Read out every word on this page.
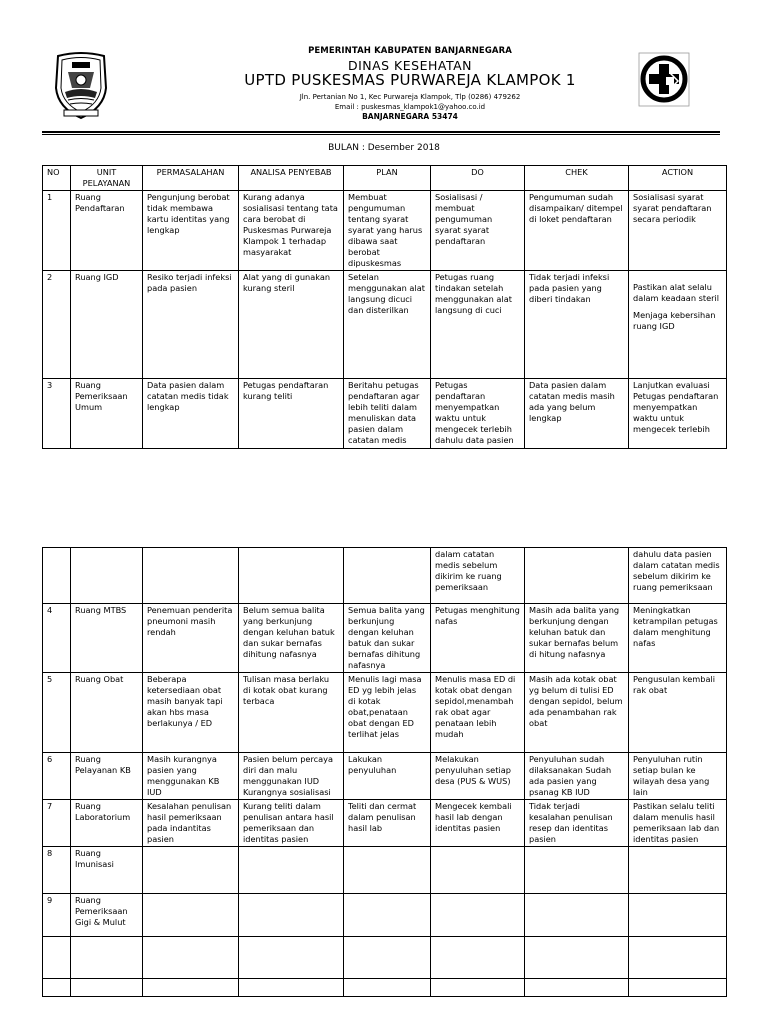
PEMERINTAH KABUPATEN BANJARNEGARA
DINAS KESEHATAN
UPTD PUSKESMAS PURWAREJA KLAMPOK 1
Jln. Pertanian No 1, Kec Purwareja Klampok, Tlp (0286) 479262
Email : puskesmas_klampok1@yahoo.co.id
BANJARNEGARA 53474
BULAN : Desember 2018
NO	UNIT PELAYANAN	PERMASALAHAN	ANALISA PENYEBAB	PLAN	DO	CHEK	ACTION
1	Ruang Pendaftaran	Pengunjung berobat tidak membawa kartu identitas yang lengkap	Kurang adanya sosialisasi tentang tata cara berobat di Puskesmas Purwareja Klampok 1 terhadap masyarakat	Membuat pengumuman tentang syarat syarat yang harus dibawa saat berobat dipuskesmas	Sosialisasi / membuat pengumuman syarat syarat pendaftaran	Pengumuman sudah disampaikan/ ditempel di loket pendaftaran	Sosialisasi syarat syarat pendaftaran secara periodik
2	Ruang IGD	Resiko terjadi infeksi pada pasien	Alat yang di gunakan kurang steril	Setelan menggunakan alat langsung dicuci dan disterilkan	Petugas ruang tindakan setelah menggunakan alat langsung di cuci	Tidak terjadi infeksi pada pasien yang diberi tindakan	Pastikan alat selalu dalam keadaan steril
Menjaga kebersihan ruang IGD

3	Ruang Pemeriksaan Umum	Data pasien dalam catatan medis tidak lengkap	Petugas pendaftaran kurang teliti	Beritahu petugas pendaftaran agar lebih teliti dalam menuliskan data pasien dalam catatan medis	Petugas pendaftaran menyempatkan waktu untuk mengecek terlebih dahulu data pasien	Data pasien dalam catatan medis masih ada yang belum lengkap	Lanjutkan evaluasi Petugas pendaftaran menyempatkan waktu untuk mengecek terlebih
					dalam catatan medis sebelum dikirim ke ruang pemeriksaan		dahulu data pasien dalam catatan medis sebelum dikirim ke ruang pemeriksaan
4	Ruang MTBS	Penemuan penderita pneumoni masih rendah	Belum semua balita yang berkunjung dengan keluhan batuk dan sukar bernafas dihitung nafasnya	Semua balita yang berkunjung dengan keluhan batuk dan sukar bernafas dihitung nafasnya	Petugas menghitung nafas	Masih ada balita yang berkunjung dengan keluhan batuk dan sukar bernafas belum di hitung nafasnya	Meningkatkan ketrampilan petugas dalam menghitung nafas
5	Ruang Obat	Beberapa ketersediaan obat masih banyak tapi akan hbs masa berlakunya / ED	Tulisan masa berlaku di kotak obat kurang terbaca	Menulis lagi masa ED yg lebih jelas di kotak obat,penataan obat dengan ED terlihat jelas	Menulis masa ED di kotak obat dengan sepidol,menambah rak obat agar penataan lebih mudah	Masih ada kotak obat yg belum di tulisi ED dengan sepidol, belum ada penambahan rak obat	Pengusulan kembali rak obat
6	Ruang Pelayanan KB	Masih kurangnya pasien yang menggunakan KB IUD	Pasien belum percaya diri dan malu menggunakan IUD Kurangnya sosialisasi	Lakukan penyuluhan	Melakukan penyuluhan setiap desa (PUS & WUS)	Penyuluhan sudah dilaksanakan Sudah ada pasien yang psanag KB IUD	Penyuluhan rutin setiap bulan ke wilayah desa yang lain
7	Ruang Laboratorium	Kesalahan penulisan hasil pemeriksaan pada indantitas pasien	Kurang teliti dalam penulisan antara hasil pemeriksaan dan identitas pasien	Teliti dan cermat dalam penulisan hasil lab	Mengecek kembali hasil lab dengan identitas pasien	Tidak terjadi kesalahan penulisan resep dan identitas pasien	Pastikan selalu teliti dalam menulis hasil pemeriksaan lab dan identitas pasien
8	Ruang Imunisasi						
9	Ruang Pemeriksaan Gigi & Mulut						
